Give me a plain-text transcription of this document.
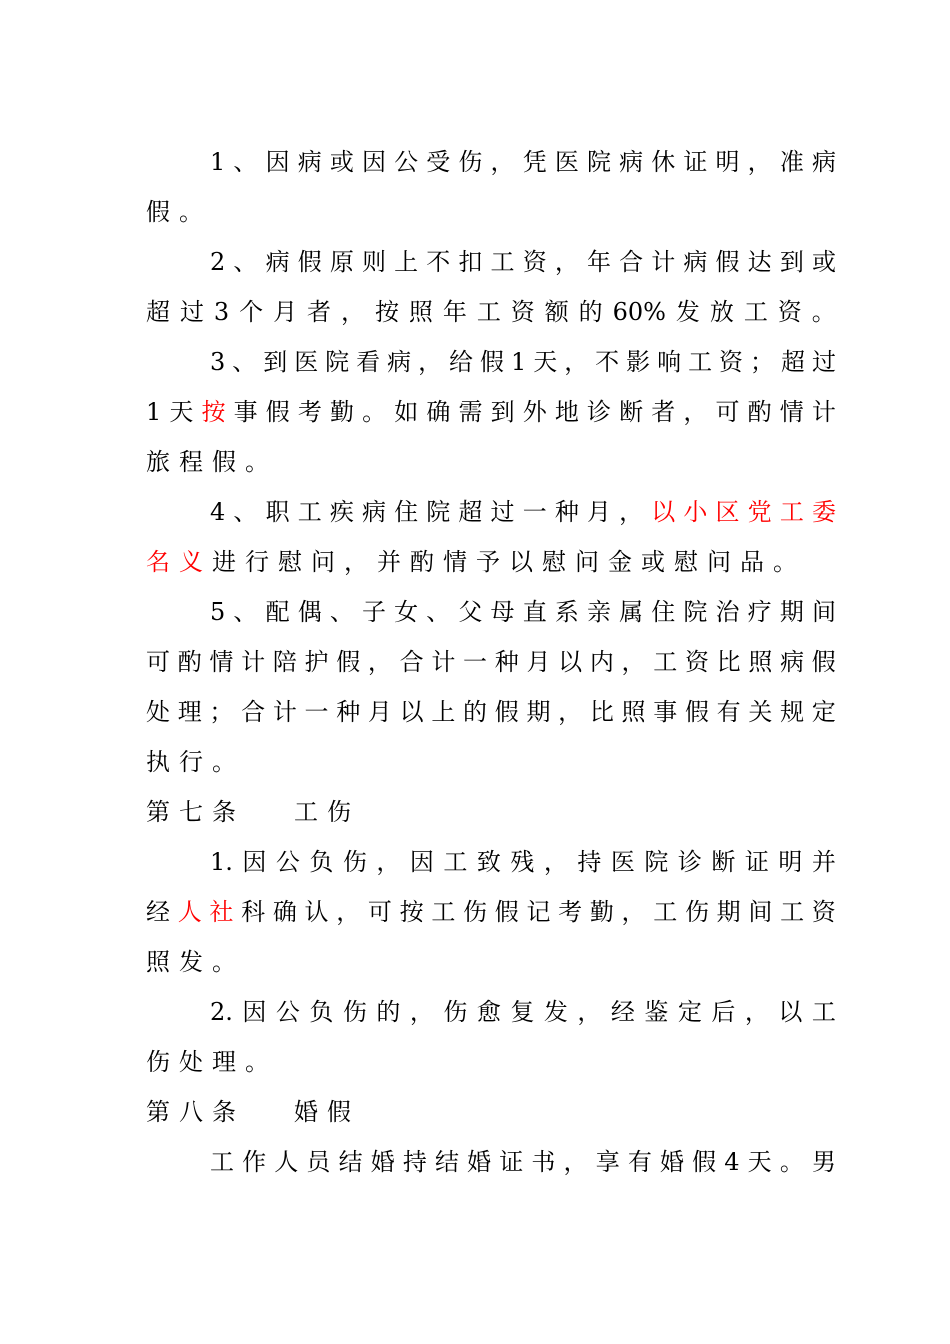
1 、 因 病 或 因 公 受 伤 ， 凭 医 院 病 休 证 明 ， 准 病
假 。
2 、 病 假 原 则 上 不 扣 工 资 ， 年 合 计 病 假 达 到 或
超 过 3 个 月 者 ， 按 照 年 工 资 额 的 60% 发 放 工 资 。
3 、 到 医 院 看 病 ， 给 假 1 天 ， 不 影 响 工 资 ； 超 过
1 天 按 事 假 考 勤 。 如 确 需 到 外 地 诊 断 者 ， 可 酌 情 计
旅 程 假 。
4 、 职 工 疾 病 住 院 超 过 一 种 月 ， 以 小 区 党 工 委
名 义 进 行 慰 问 ， 并 酌 情 予 以 慰 问 金 或 慰 问 品 。
5 、 配 偶 、 子 女 、 父 母 直 系 亲 属 住 院 治 疗 期 间
可 酌 情 计 陪 护 假 ， 合 计 一 种 月 以 内 ， 工 资 比 照 病 假
处 理 ； 合 计 一 种 月 以 上 的 假 期 ， 比 照 事 假 有 关 规 定
执 行 。
第 七 条 工 伤
1. 因 公 负 伤 ， 因 工 致 残 ， 持 医 院 诊 断 证 明 并
经 人 社 科 确 认 ， 可 按 工 伤 假 记 考 勤 ， 工 伤 期 间 工 资
照 发 。
2. 因 公 负 伤 的 ， 伤 愈 复 发 ， 经 鉴 定 后 ， 以 工
伤 处 理 。
第 八 条 婚 假
工 作 人 员 结 婚 持 结 婚 证 书 ， 享 有 婚 假 4 天 。 男
